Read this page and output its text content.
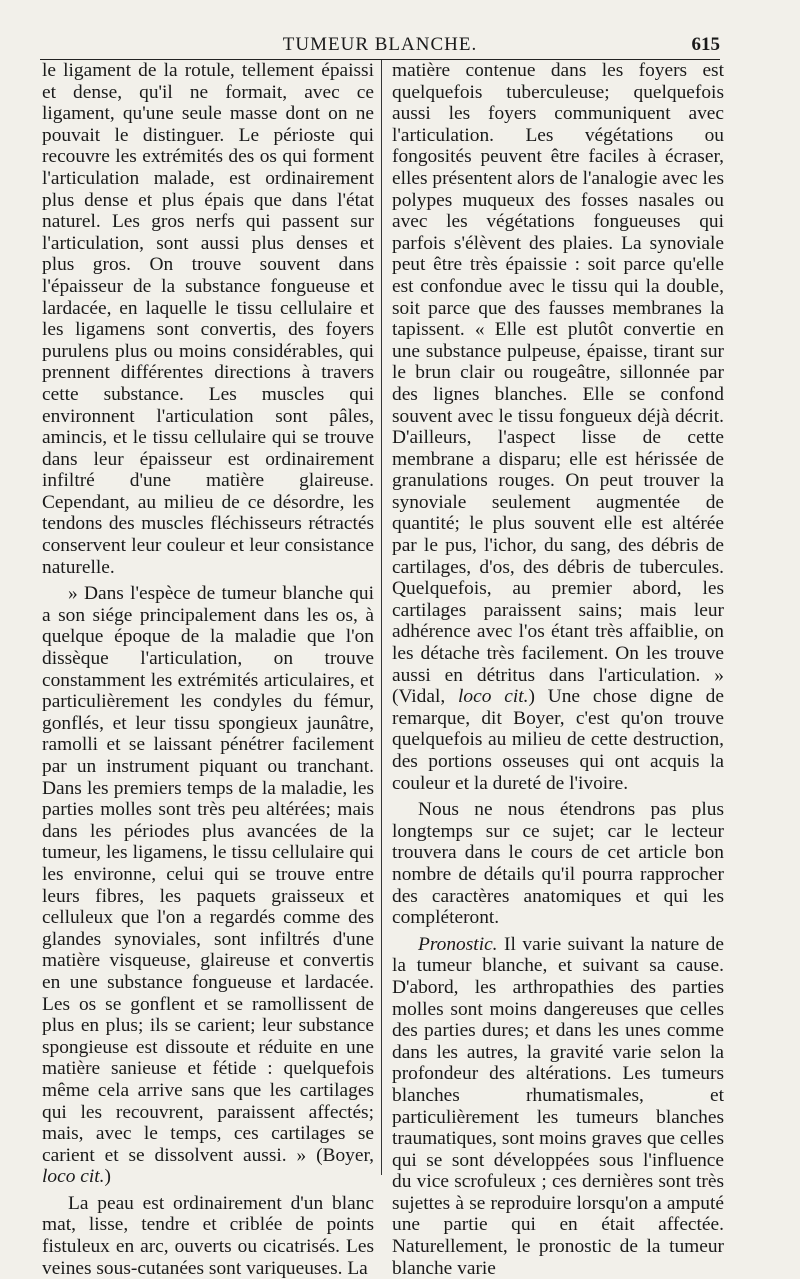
TUMEUR BLANCHE.	615

le ligament de la rotule, tellement épaissi et dense, qu'il ne formait, avec ce ligament, qu'une seule masse dont on ne pouvait le distinguer. Le périoste qui recouvre les extrémités des os qui forment l'articulation malade, est ordinairement plus dense et plus épais que dans l'état naturel. Les gros nerfs qui passent sur l'articulation, sont aussi plus denses et plus gros. On trouve souvent dans l'épaisseur de la substance fongueuse et lardacée, en laquelle le tissu cellulaire et les ligamens sont convertis, des foyers purulens plus ou moins considérables, qui prennent différentes directions à travers cette substance. Les muscles qui environnent l'articulation sont pâles, amincis, et le tissu cellulaire qui se trouve dans leur épaisseur est ordinairement infiltré d'une matière glaireuse. Cependant, au milieu de ce désordre, les tendons des muscles fléchisseurs rétractés conservent leur couleur et leur consistance naturelle.

» Dans l'espèce de tumeur blanche qui a son siége principalement dans les os, à quelque époque de la maladie que l'on dissèque l'articulation, on trouve constamment les extrémités articulaires, et particulièrement les condyles du fémur, gonflés, et leur tissu spongieux jaunâtre, ramolli et se laissant pénétrer facilement par un instrument piquant ou tranchant. Dans les premiers temps de la maladie, les parties molles sont très peu altérées; mais dans les périodes plus avancées de la tumeur, les ligamens, le tissu cellulaire qui les environne, celui qui se trouve entre leurs fibres, les paquets graisseux et celluleux que l'on a regardés comme des glandes synoviales, sont infiltrés d'une matière visqueuse, glaireuse et convertis en une substance fongueuse et lardacée. Les os se gonflent et se ramollissent de plus en plus; ils se carient; leur substance spongieuse est dissoute et réduite en une matière sanieuse et fétide : quelquefois même cela arrive sans que les cartilages qui les recouvrent, paraissent affectés; mais, avec le temps, ces cartilages se carient et se dissolvent aussi. » (Boyer, loco cit.)

La peau est ordinairement d'un blanc mat, lisse, tendre et criblée de points fistuleux en arc, ouverts ou cicatrisés. Les veines sous-cutanées sont variqueuses. La

matière contenue dans les foyers est quelquefois tuberculeuse; quelquefois aussi les foyers communiquent avec l'articulation. Les végétations ou fongosités peuvent être faciles à écraser, elles présentent alors de l'analogie avec les polypes muqueux des fosses nasales ou avec les végétations fongueuses qui parfois s'élèvent des plaies. La synoviale peut être très épaissie : soit parce qu'elle est confondue avec le tissu qui la double, soit parce que des fausses membranes la tapissent. « Elle est plutôt convertie en une substance pulpeuse, épaisse, tirant sur le brun clair ou rougeâtre, sillonnée par des lignes blanches. Elle se confond souvent avec le tissu fongueux déjà décrit. D'ailleurs, l'aspect lisse de cette membrane a disparu; elle est hérissée de granulations rouges. On peut trouver la synoviale seulement augmentée de quantité; le plus souvent elle est altérée par le pus, l'ichor, du sang, des débris de cartilages, d'os, des débris de tubercules. Quelquefois, au premier abord, les cartilages paraissent sains; mais leur adhérence avec l'os étant très affaiblie, on les détache très facilement. On les trouve aussi en détritus dans l'articulation. » (Vidal, loco cit.) Une chose digne de remarque, dit Boyer, c'est qu'on trouve quelquefois au milieu de cette destruction, des portions osseuses qui ont acquis la couleur et la dureté de l'ivoire.

Nous ne nous étendrons pas plus longtemps sur ce sujet; car le lecteur trouvera dans le cours de cet article bon nombre de détails qu'il pourra rapprocher des caractères anatomiques et qui les compléteront.

Pronostic. Il varie suivant la nature de la tumeur blanche, et suivant sa cause. D'abord, les arthropathies des parties molles sont moins dangereuses que celles des parties dures; et dans les unes comme dans les autres, la gravité varie selon la profondeur des altérations. Les tumeurs blanches rhumatismales, et particulièrement les tumeurs blanches traumatiques, sont moins graves que celles qui se sont développées sous l'influence du vice scrofuleux ; ces dernières sont très sujettes à se reproduire lorsqu'on a amputé une partie qui en était affectée. Naturellement, le pronostic de la tumeur blanche varie
